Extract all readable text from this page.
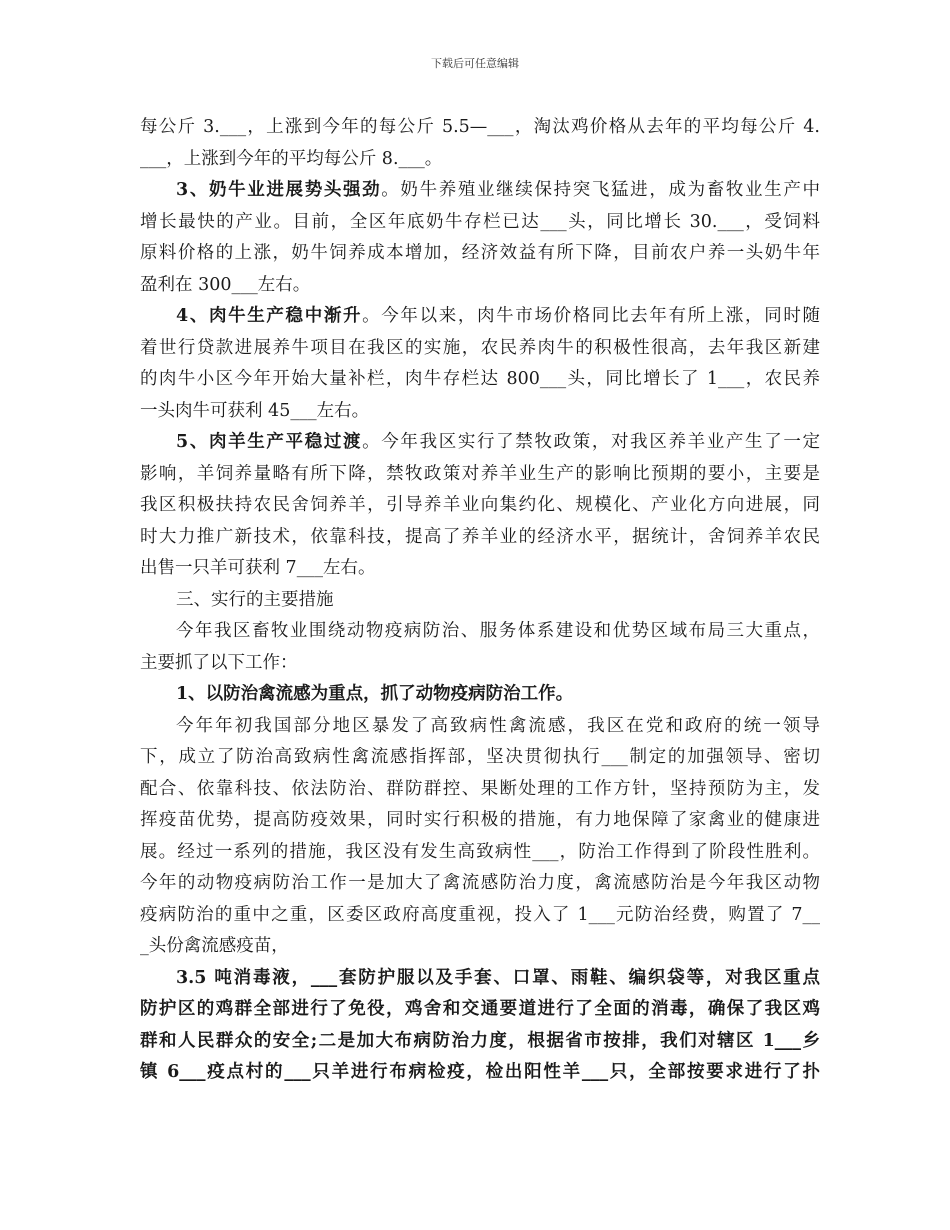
下载后可任意编辑
每公斤 3.___，上涨到今年的每公斤 5.5—___，淘汰鸡价格从去年的平均每公斤 4.
___，上涨到今年的平均每公斤 8.___。
3、奶牛业进展势头强劲。奶牛养殖业继续保持突飞猛进，成为畜牧业生产中
增长最快的产业。目前，全区年底奶牛存栏已达___头，同比增长 30.___，受饲料
原料价格的上涨，奶牛饲养成本增加，经济效益有所下降，目前农户养一头奶牛年
盈利在 300___左右。
4、肉牛生产稳中渐升。今年以来，肉牛市场价格同比去年有所上涨，同时随
着世行贷款进展养牛项目在我区的实施，农民养肉牛的积极性很高，去年我区新建
的肉牛小区今年开始大量补栏，肉牛存栏达 800___头，同比增长了 1___，农民养
一头肉牛可获利 45___左右。
5、肉羊生产平稳过渡。今年我区实行了禁牧政策，对我区养羊业产生了一定
影响，羊饲养量略有所下降，禁牧政策对养羊业生产的影响比预期的要小，主要是
我区积极扶持农民舍饲养羊，引导养羊业向集约化、规模化、产业化方向进展，同
时大力推广新技术，依靠科技，提高了养羊业的经济水平，据统计，舍饲养羊农民
出售一只羊可获利 7___左右。
三、实行的主要措施
今年我区畜牧业围绕动物疫病防治、服务体系建设和优势区域布局三大重点，
主要抓了以下工作：
1、以防治禽流感为重点，抓了动物疫病防治工作。
今年年初我国部分地区暴发了高致病性禽流感，我区在党和政府的统一领导
下，成立了防治高致病性禽流感指挥部，坚决贯彻执行___制定的加强领导、密切
配合、依靠科技、依法防治、群防群控、果断处理的工作方针，坚持预防为主，发
挥疫苗优势，提高防疫效果，同时实行积极的措施，有力地保障了家禽业的健康进
展。经过一系列的措施，我区没有发生高致病性___，防治工作得到了阶段性胜利。
今年的动物疫病防治工作一是加大了禽流感防治力度，禽流感防治是今年我区动物
疫病防治的重中之重，区委区政府高度重视，投入了 1___元防治经费，购置了 7__
_头份禽流感疫苗，
3.5 吨消毒液，___套防护服以及手套、口罩、雨鞋、编织袋等，对我区重点
防护区的鸡群全部进行了免役，鸡舍和交通要道进行了全面的消毒，确保了我区鸡
群和人民群众的安全;二是加大布病防治力度，根据省市按排，我们对辖区 1___乡
镇 6___疫点村的___只羊进行布病检疫，检出阳性羊___只，全部按要求进行了扑
